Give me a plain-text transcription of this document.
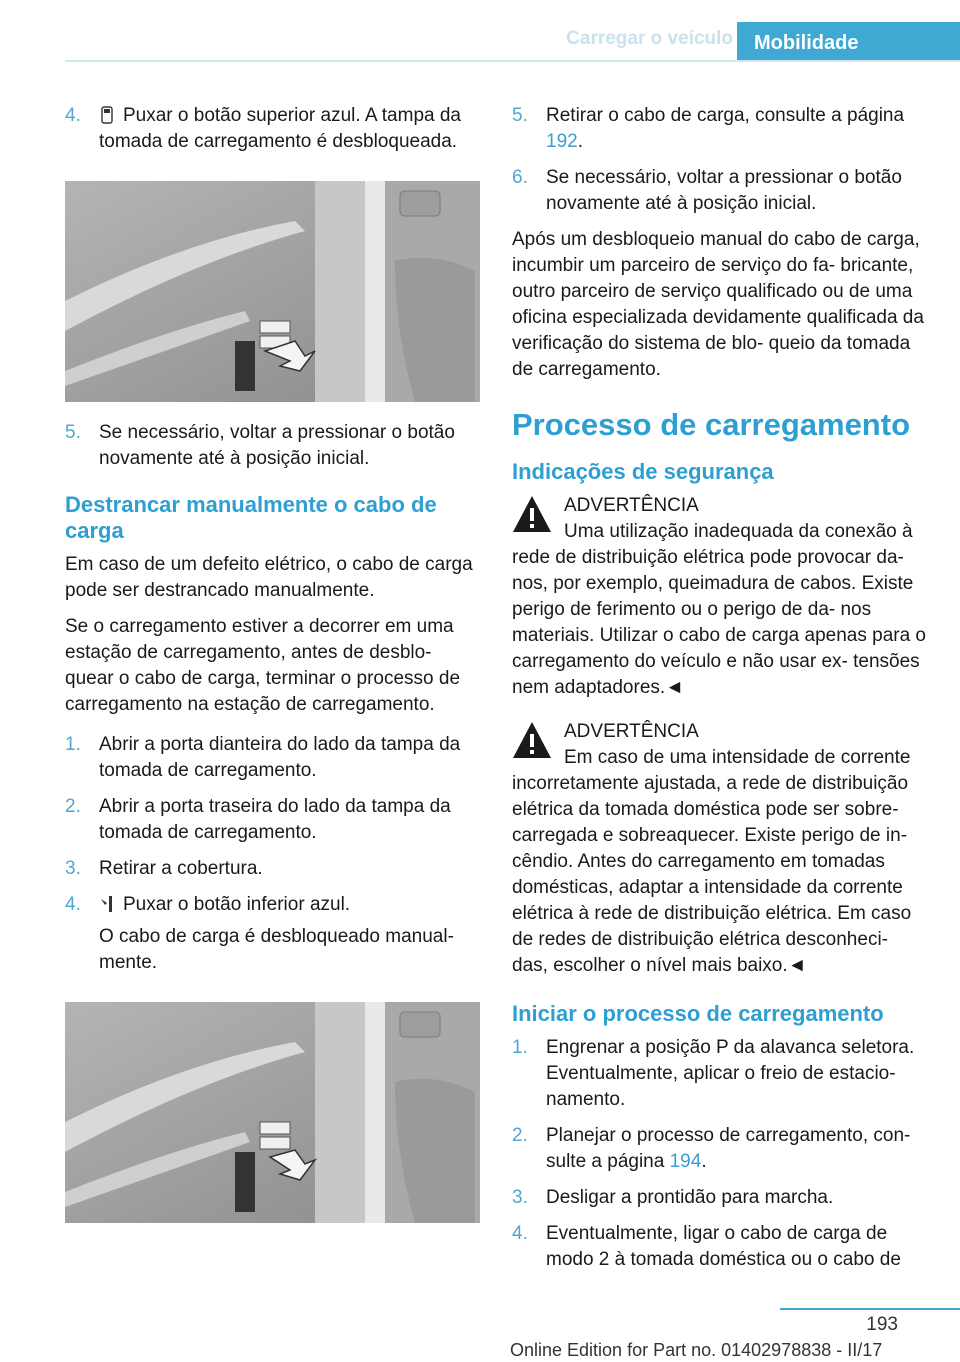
Carregar o veículo	Mobilidade
4. Puxar o botão superior azul. A tampa da tomada de carregamento é desbloqueada.
5. Se necessário, voltar a pressionar o botão novamente até à posição inicial.
Destrancar manualmente o cabo de carga

Em caso de um defeito elétrico, o cabo de carga pode ser destrancado manualmente.

Se o carregamento estiver a decorrer em uma estação de carregamento, antes de desblo‐ quear o cabo de carga, terminar o processo de carregamento na estação de carregamento.

1. Abrir a porta dianteira do lado da tampa da tomada de carregamento.
2. Abrir a porta traseira do lado da tampa da tomada de carregamento.
3. Retirar a cobertura.
4. Puxar o botão inferior azul.
O cabo de carga é desbloqueado manual‐ mente.
5. Retirar o cabo de carga, consulte a página 192.
6. Se necessário, voltar a pressionar o botão novamente até à posição inicial.

Após um desbloqueio manual do cabo de carga, incumbir um parceiro de serviço do fa‐ bricante, outro parceiro de serviço qualificado ou de uma oficina especializada devidamente qualificada da verificação do sistema de blo‐ queio da tomada de carregamento.

Processo de carregamento
Indicações de segurança
ADVERTÊNCIA
Uma utilização inadequada da conexão à
rede de distribuição elétrica pode provocar da‐ nos, por exemplo, queimadura de cabos. Existe perigo de ferimento ou o perigo de da‐ nos materiais. Utilizar o cabo de carga apenas para o carregamento do veículo e não usar ex‐ tensões nem adaptadores.◄
ADVERTÊNCIA
Em caso de uma intensidade de corrente
incorretamente ajustada, a rede de distribuição elétrica da tomada doméstica pode ser sobre‐ carregada e sobreaquecer. Existe perigo de in‐ cêndio. Antes do carregamento em tomadas domésticas, adaptar a intensidade da corrente elétrica à rede de distribuição elétrica. Em caso de redes de distribuição elétrica desconheci‐ das, escolher o nível mais baixo.◄
Iniciar o processo de carregamento
1. Engrenar a posição P da alavanca seletora. Eventualmente, aplicar o freio de estacio‐ namento.
2. Planejar o processo de carregamento, con‐ sulte a página 194.
3. Desligar a prontidão para marcha.
4. Eventualmente, ligar o cabo de carga de modo 2 à tomada doméstica ou o cabo de
193
Online Edition for Part no. 01402978838 - II/17
